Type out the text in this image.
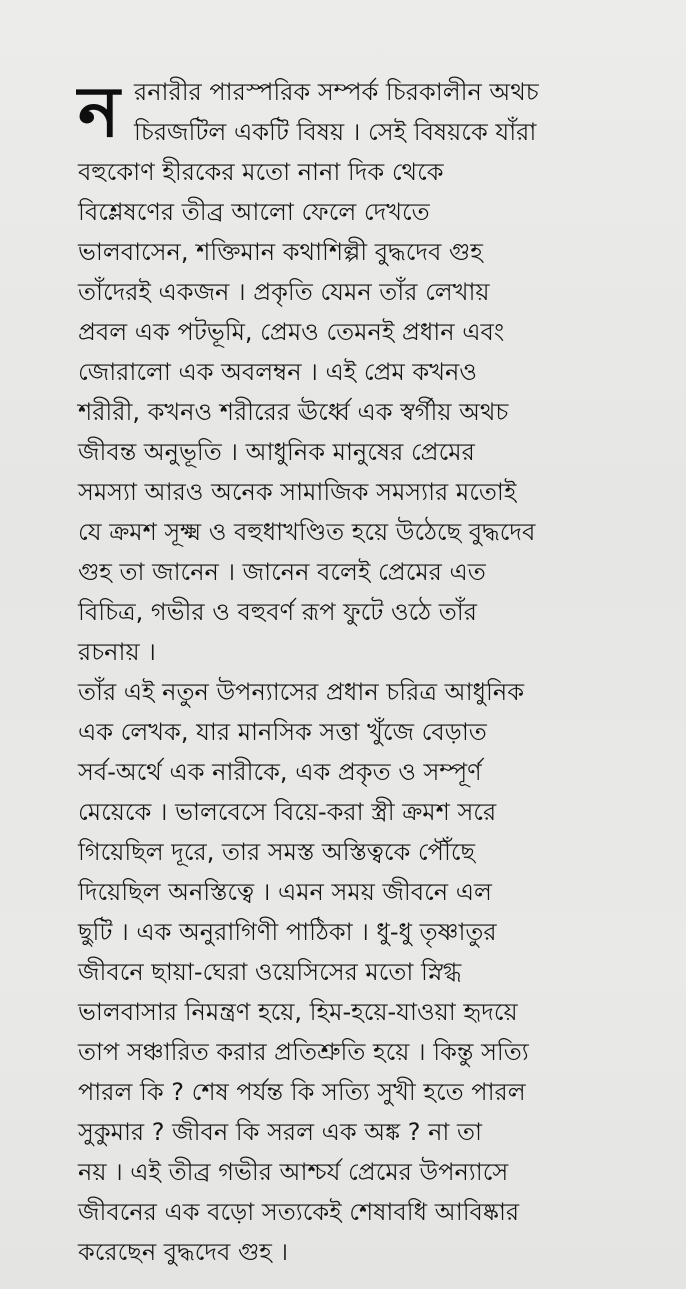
ন রনারীর পারস্পরিক সম্পর্ক চিরকালীন অথচ
চিরজটিল একটি বিষয় । সেই বিষয়কে যাঁরা
বহুকোণ হীরকের মতো নানা দিক থেকে
বিশ্লেষণের তীব্র আলো ফেলে দেখতে
ভালবাসেন, শক্তিমান কথাশিল্পী বুদ্ধদেব গুহ
তাঁদেরই একজন । প্রকৃতি যেমন তাঁর লেখায়
প্রবল এক পটভূমি, প্রেমও তেমনই প্রধান এবং
জোরালো এক অবলম্বন । এই প্রেম কখনও
শরীরী, কখনও শরীরের ঊর্ধ্বে এক স্বর্গীয় অথচ
জীবন্ত অনুভূতি । আধুনিক মানুষের প্রেমের
সমস্যা আরও অনেক সামাজিক সমস্যার মতোই
যে ক্রমশ সূক্ষ্ম ও বহুধাখণ্ডিত হয়ে উঠেছে বুদ্ধদেব
গুহ তা জানেন । জানেন বলেই প্রেমের এত
বিচিত্র, গভীর ও বহুবর্ণ রূপ ফুটে ওঠে তাঁর
রচনায় ।
তাঁর এই নতুন উপন্যাসের প্রধান চরিত্র আধুনিক
এক লেখক, যার মানসিক সত্তা খুঁজে বেড়াত
সর্ব-অর্থে এক নারীকে, এক প্রকৃত ও সম্পূর্ণ
মেয়েকে । ভালবেসে বিয়ে-করা স্ত্রী ক্রমশ সরে
গিয়েছিল দূরে, তার সমস্ত অস্তিত্বকে পৌঁছে
দিয়েছিল অনস্তিত্বে । এমন সময় জীবনে এল
ছুটি । এক অনুরাগিণী পাঠিকা । ধু-ধু তৃষ্ণাতুর
জীবনে ছায়া-ঘেরা ওয়েসিসের মতো স্নিগ্ধ
ভালবাসার নিমন্ত্রণ হয়ে, হিম-হয়ে-যাওয়া হৃদয়ে
তাপ সঞ্চারিত করার প্রতিশ্রুতি হয়ে । কিন্তু সত্যি
পারল কি ? শেষ পর্যন্ত কি সত্যি সুখী হতে পারল
সুকুমার ? জীবন কি সরল এক অঙ্ক ? না তা
নয় । এই তীব্র গভীর আশ্চর্য প্রেমের উপন্যাসে
জীবনের এক বড়ো সত্যকেই শেষাবধি আবিষ্কার
করেছেন বুদ্ধদেব গুহ ।
